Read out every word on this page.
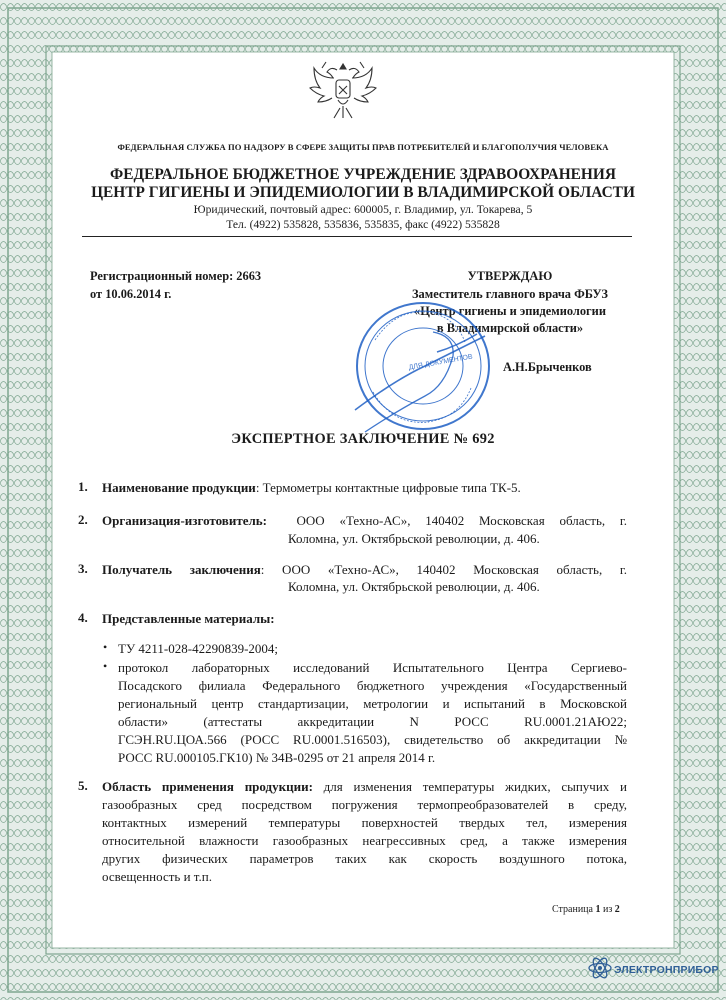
ФЕДЕРАЛЬНАЯ СЛУЖБА ПО НАДЗОРУ В СФЕРЕ ЗАЩИТЫ ПРАВ ПОТРЕБИТЕЛЕЙ И БЛАГОПОЛУЧИЯ ЧЕЛОВЕКА
ФЕДЕРАЛЬНОЕ БЮДЖЕТНОЕ УЧРЕЖДЕНИЕ ЗДРАВООХРАНЕНИЯ
ЦЕНТР ГИГИЕНЫ И ЭПИДЕМИОЛОГИИ В ВЛАДИМИРСКОЙ ОБЛАСТИ
Юридический, почтовый адрес: 600005, г. Владимир, ул. Токарева, 5
Тел. (4922) 535828, 535836, 535835, факс (4922) 535828
Регистрационный номер: 2663
от 10.06.2014 г.
УТВЕРЖДАЮ
Заместитель главного врача ФБУЗ
«Центр гигиены и эпидемиологии
в Владимирской области»
ДЛЯ ДОКУМЕНТОВ А.Н.Брыченков
ЭКСПЕРТНОЕ ЗАКЛЮЧЕНИЕ № 692
1. Наименование продукции: Термометры контактные цифровые типа ТК-5.
2. Организация-изготовитель: ООО «Техно-АС», 140402 Московская область, г.
Коломна, ул. Октябрьской революции, д. 406.
3. Получатель заключения: ООО «Техно-АС», 140402 Московская область, г.
Коломна, ул. Октябрьской революции, д. 406.
4. Представленные материалы:
• ТУ 4211-028-42290839-2004;
• протокол лабораторных исследований Испытательного Центра Сергиево-
Посадского филиала Федерального бюджетного учреждения «Государственный
региональный центр стандартизации, метрологии и испытаний в Московской
области» (аттестаты аккредитации N РОСС RU.0001.21АЮ22;
ГСЭН.RU.ЦОА.566 (РОСС RU.0001.516503), свидетельство об аккредитации №
РОСС RU.000105.ГК10) № 34В-0295 от 21 апреля 2014 г.
5. Область применения продукции: для изменения температуры жидких, сыпучих и
газообразных сред посредством погружения термопреобразователей в среду,
контактных измерений температуры поверхностей твердых тел, измерения
относительной влажности газообразных неагрессивных сред, а также измерения
других физических параметров таких как скорость воздушного потока,
освещенность и т.п.
Страница 1 из 2
ЭЛЕКТРОНПРИБОР
